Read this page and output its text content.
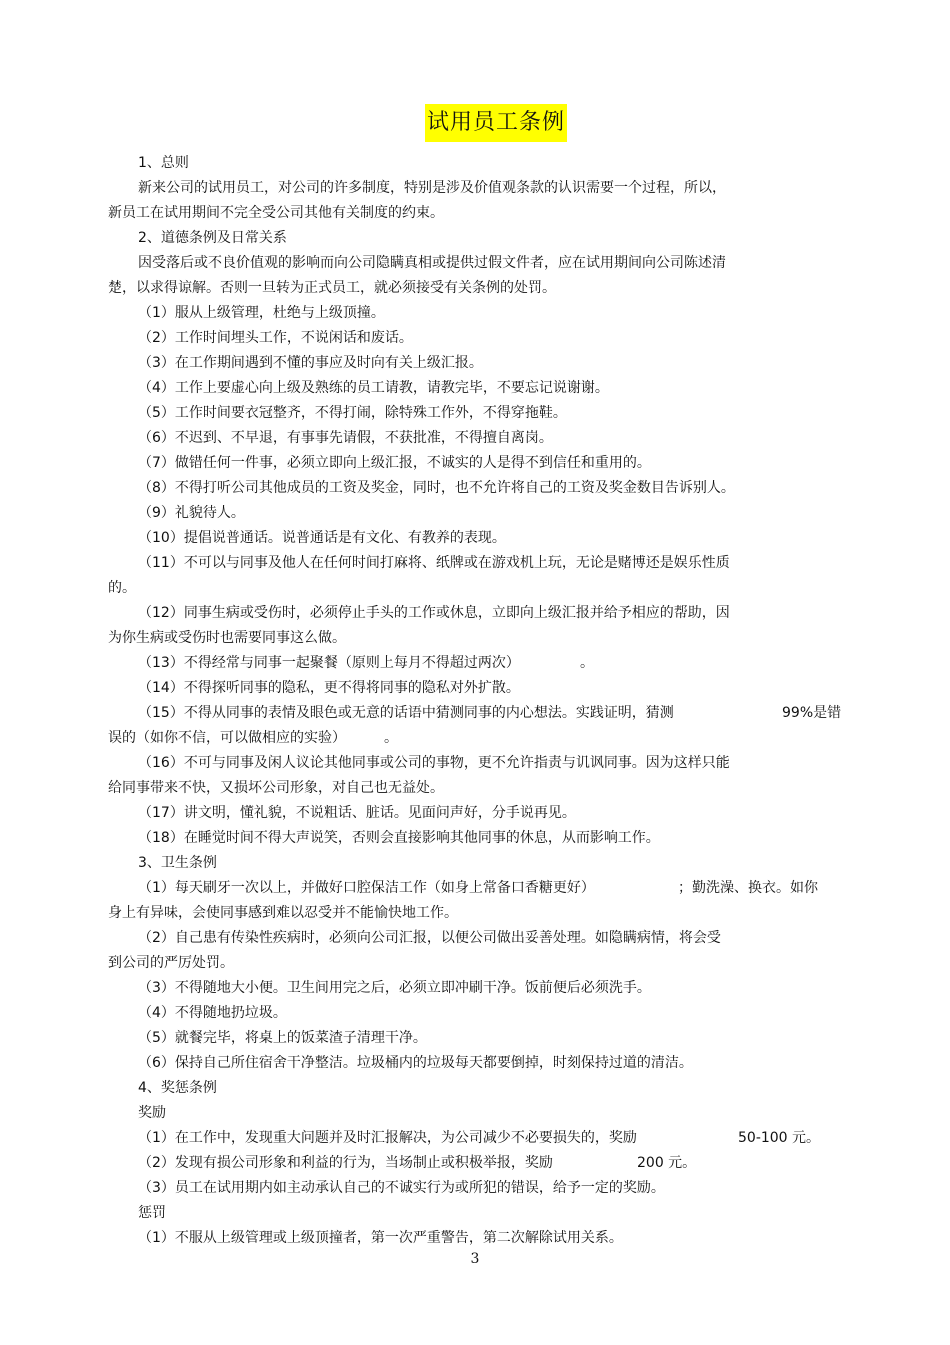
试用员工条例
1、总则
新来公司的试用员工，对公司的许多制度，特别是涉及价值观条款的认识需要一个过程，所以，
新员工在试用期间不完全受公司其他有关制度的约束。
2、道德条例及日常关系
因受落后或不良价值观的影响而向公司隐瞒真相或提供过假文件者，应在试用期间向公司陈述清
楚，以求得谅解。否则一旦转为正式员工，就必须接受有关条例的处罚。
（1）服从上级管理，杜绝与上级顶撞。
（2）工作时间埋头工作，不说闲话和废话。
（3）在工作期间遇到不懂的事应及时向有关上级汇报。
（4）工作上要虚心向上级及熟练的员工请教，请教完毕，不要忘记说谢谢。
（5）工作时间要衣冠整齐，不得打闹，除特殊工作外，不得穿拖鞋。
（6）不迟到、不早退，有事事先请假，不获批准，不得擅自离岗。
（7）做错任何一件事，必须立即向上级汇报，不诚实的人是得不到信任和重用的。
（8）不得打听公司其他成员的工资及奖金，同时，也不允许将自己的工资及奖金数目告诉别人。
（9）礼貌待人。
（10）提倡说普通话。说普通话是有文化、有教养的表现。
（11）不可以与同事及他人在任何时间打麻将、纸牌或在游戏机上玩，无论是赌博还是娱乐性质
的。
（12）同事生病或受伤时，必须停止手头的工作或休息，立即向上级汇报并给予相应的帮助，因
为你生病或受伤时也需要同事这么做。
（13）不得经常与同事一起聚餐（原则上每月不得超过两次）	。
（14）不得探听同事的隐私，更不得将同事的隐私对外扩散。
（15）不得从同事的表情及眼色或无意的话语中猜测同事的内心想法。实践证明，猜测	99%是错
误的（如你不信，可以做相应的实验）	。
（16）不可与同事及闲人议论其他同事或公司的事物，更不允许指责与讥讽同事。因为这样只能
给同事带来不快，又损坏公司形象，对自己也无益处。
（17）讲文明，懂礼貌，不说粗话、脏话。见面问声好，分手说再见。
（18）在睡觉时间不得大声说笑，否则会直接影响其他同事的休息，从而影响工作。
3、卫生条例
（1）每天刷牙一次以上，并做好口腔保洁工作（如身上常备口香糖更好）	；勤洗澡、换衣。如你
身上有异味，会使同事感到难以忍受并不能愉快地工作。
（2）自己患有传染性疾病时，必须向公司汇报，以便公司做出妥善处理。如隐瞒病情，将会受
到公司的严厉处罚。
（3）不得随地大小便。卫生间用完之后，必须立即冲刷干净。饭前便后必须洗手。
（4）不得随地扔垃圾。
（5）就餐完毕，将桌上的饭菜渣子清理干净。
（6）保持自己所住宿舍干净整洁。垃圾桶内的垃圾每天都要倒掉，时刻保持过道的清洁。
4、奖惩条例
奖励
（1）在工作中，发现重大问题并及时汇报解决，为公司减少不必要损失的，奖励	50-100 元。
（2）发现有损公司形象和利益的行为，当场制止或积极举报，奖励	200 元。
（3）员工在试用期内如主动承认自己的不诚实行为或所犯的错误，给予一定的奖励。
惩罚
（1）不服从上级管理或上级顶撞者，第一次严重警告，第二次解除试用关系。
3
